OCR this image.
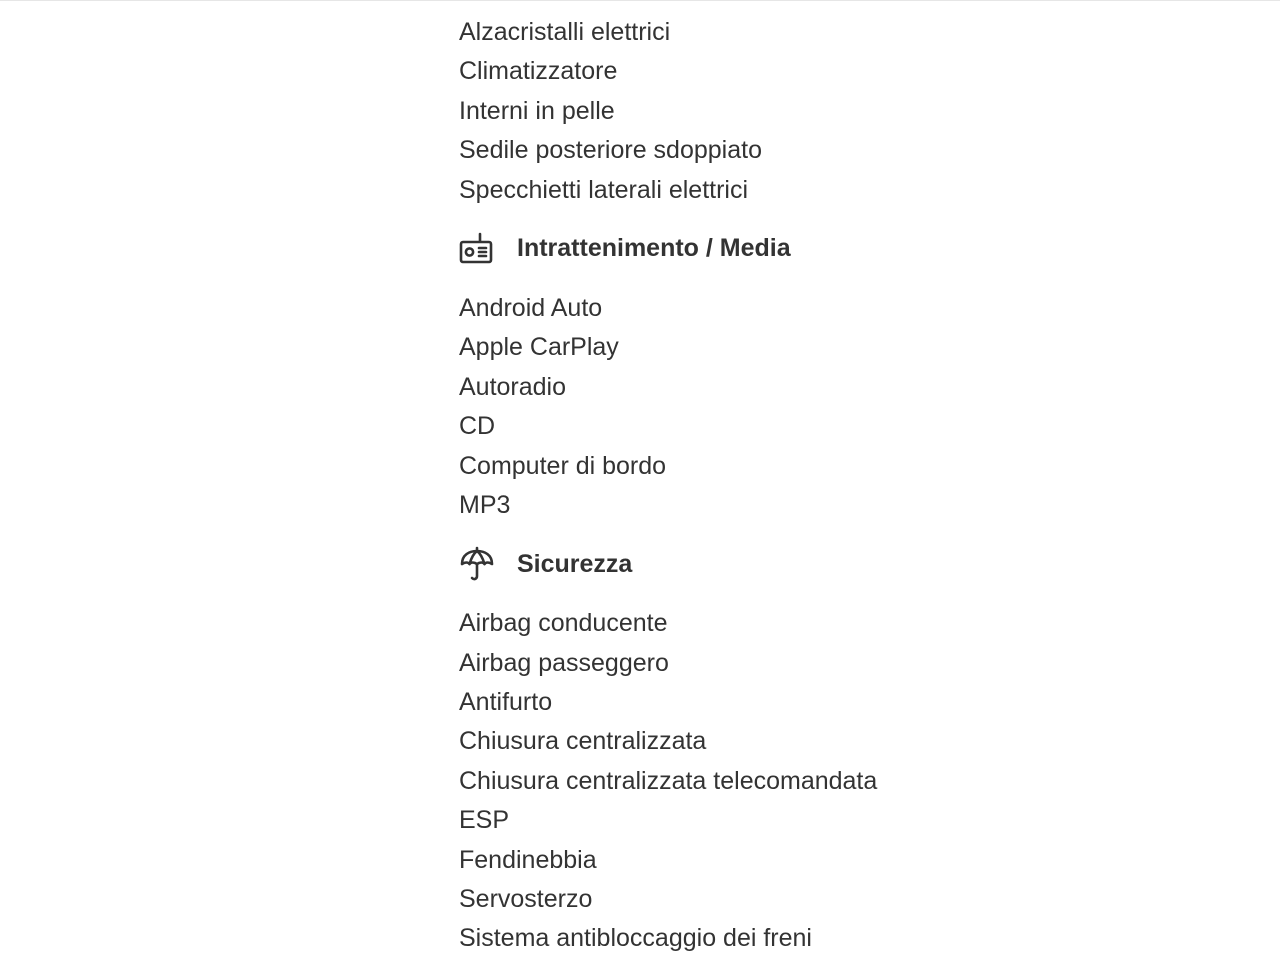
Alzacristalli elettrici
Climatizzatore
Interni in pelle
Sedile posteriore sdoppiato
Specchietti laterali elettrici
Intrattenimento / Media
Android Auto
Apple CarPlay
Autoradio
CD
Computer di bordo
MP3
Sicurezza
Airbag conducente
Airbag passeggero
Antifurto
Chiusura centralizzata
Chiusura centralizzata telecomandata
ESP
Fendinebbia
Servosterzo
Sistema antibloccaggio dei freni
